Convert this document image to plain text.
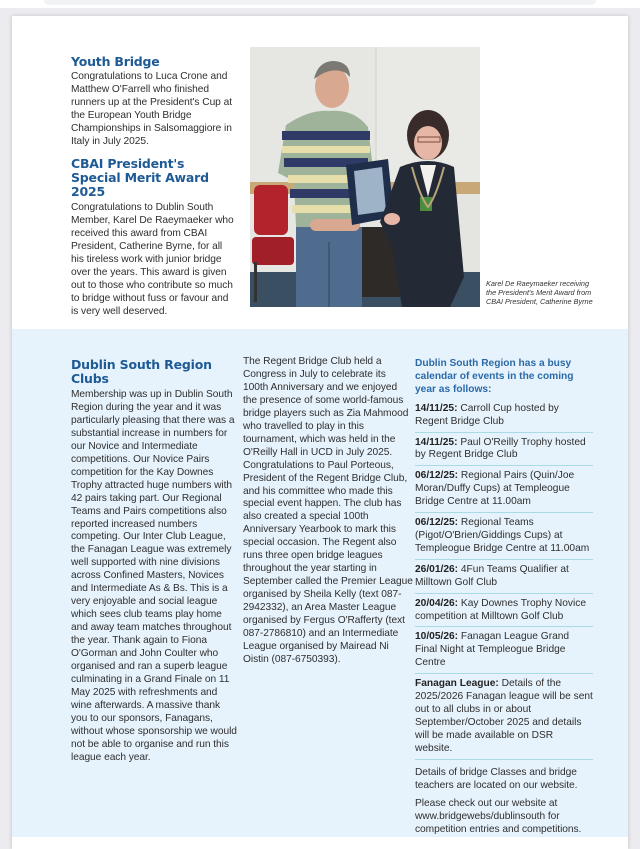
Youth Bridge

Congratulations to Luca Crone and Matthew O'Farrell who finished runners up at the President's Cup at the European Youth Bridge Championships in Salsomaggiore in Italy in July 2025.

CBAI President's Special Merit Award 2025

Congratulations to Dublin South Member, Karel De Raeymaeker who received this award from CBAI President, Catherine Byrne, for all his tireless work with junior bridge over the years. This award is given out to those who contribute so much to bridge without fuss or favour and is very well deserved.

Karel De Raeymaeker receiving the President's Merit Award from CBAI President, Catherine Byrne
Dublin South Region Clubs

Membership was up in Dublin South Region during the year and it was particularly pleasing that there was a substantial increase in numbers for our Novice and Intermediate competitions. Our Novice Pairs competition for the Kay Downes Trophy attracted huge numbers with 42 pairs taking part. Our Regional Teams and Pairs competitions also reported increased numbers competing. Our Inter Club League, the Fanagan League was extremely well supported with nine divisions across Confined Masters, Novices and Intermediate As & Bs. This is a very enjoyable and social league which sees club teams play home and away team matches throughout the year. Thank again to Fiona O'Gorman and John Coulter who organised and ran a superb league culminating in a Grand Finale on 11 May 2025 with refreshments and wine afterwards. A massive thank you to our sponsors, Fanagans, without whose sponsorship we would not be able to organise and run this league each year.

The Regent Bridge Club held a Congress in July to celebrate its 100th Anniversary and we enjoyed the presence of some world-famous bridge players such as Zia Mahmood who travelled to play in this tournament, which was held in the O'Reilly Hall in UCD in July 2025. Congratulations to Paul Porteous, President of the Regent Bridge Club, and his committee who made this special event happen. The club has also created a special 100th Anniversary Yearbook to mark this special occasion. The Regent also runs three open bridge leagues throughout the year starting in September called the Premier League organised by Sheila Kelly (text 087-2942332), an Area Master League organised by Fergus O'Rafferty (text 087-2786810) and an Intermediate League organised by Mairead Ni Oistin (087-6750393).

Dublin South Region has a busy calendar of events in the coming year as follows:
14/11/25: Carroll Cup hosted by Regent Bridge Club
14/11/25: Paul O'Reilly Trophy hosted by Regent Bridge Club
06/12/25: Regional Pairs (Quin/Joe Moran/Duffy Cups) at Templeogue Bridge Centre at 11.00am
06/12/25: Regional Teams (Pigot/O'Brien/Giddings Cups) at Templeogue Bridge Centre at 11.00am
26/01/26: 4Fun Teams Qualifier at Milltown Golf Club
20/04/26: Kay Downes Trophy Novice competition at Milltown Golf Club
10/05/26: Fanagan League Grand Final Night at Templeogue Bridge Centre
Fanagan League: Details of the 2025/2026 Fanagan league will be sent out to all clubs in or about September/October 2025 and details will be made available on DSR website.

Details of bridge Classes and bridge teachers are located on our website.

Please check out our website at www.bridgewebs/dublinsouth for competition entries and competitions.
